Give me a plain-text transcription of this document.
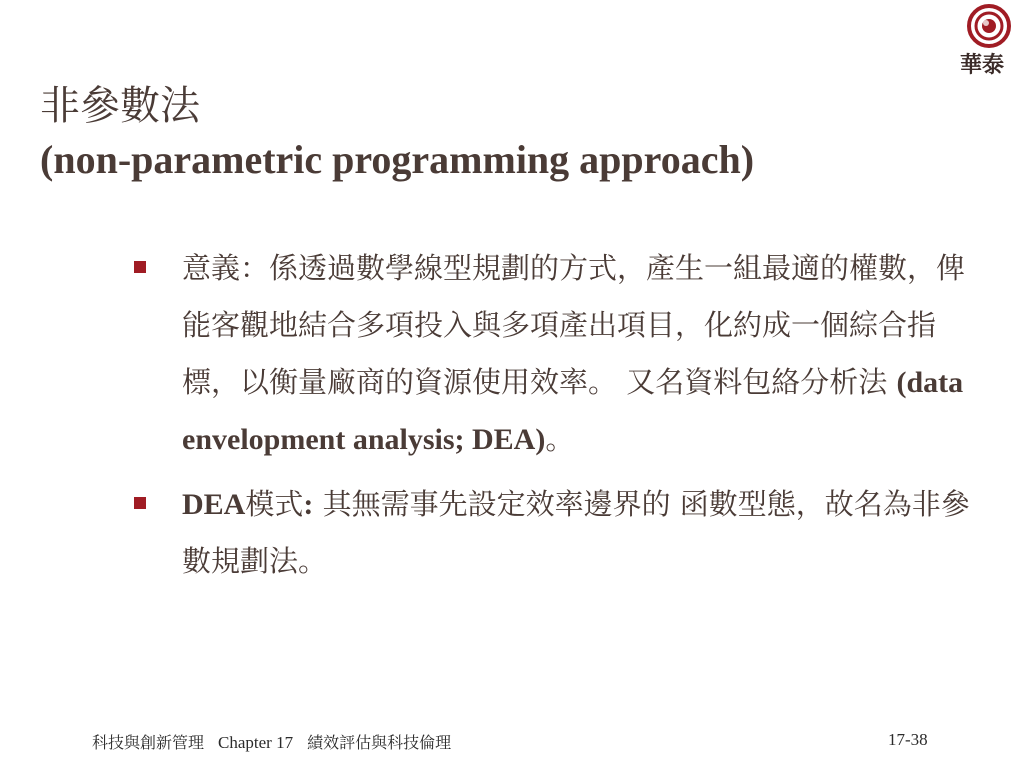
華泰
非參數法
(non-parametric programming approach)
意義：係透過數學線型規劃的方式，產生一組最適的權數，俾能客觀地結合多項投入與多項產出項目，化約成一個綜合指標，以衡量廠商的資源使用效率。 又名資料包絡分析法 (data envelopment analysis; DEA)。
DEA模式: 其無需事先設定效率邊界的 函數型態，故名為非參數規劃法。
科技與創新管理 Chapter 17 績效評估與科技倫理	17-38
